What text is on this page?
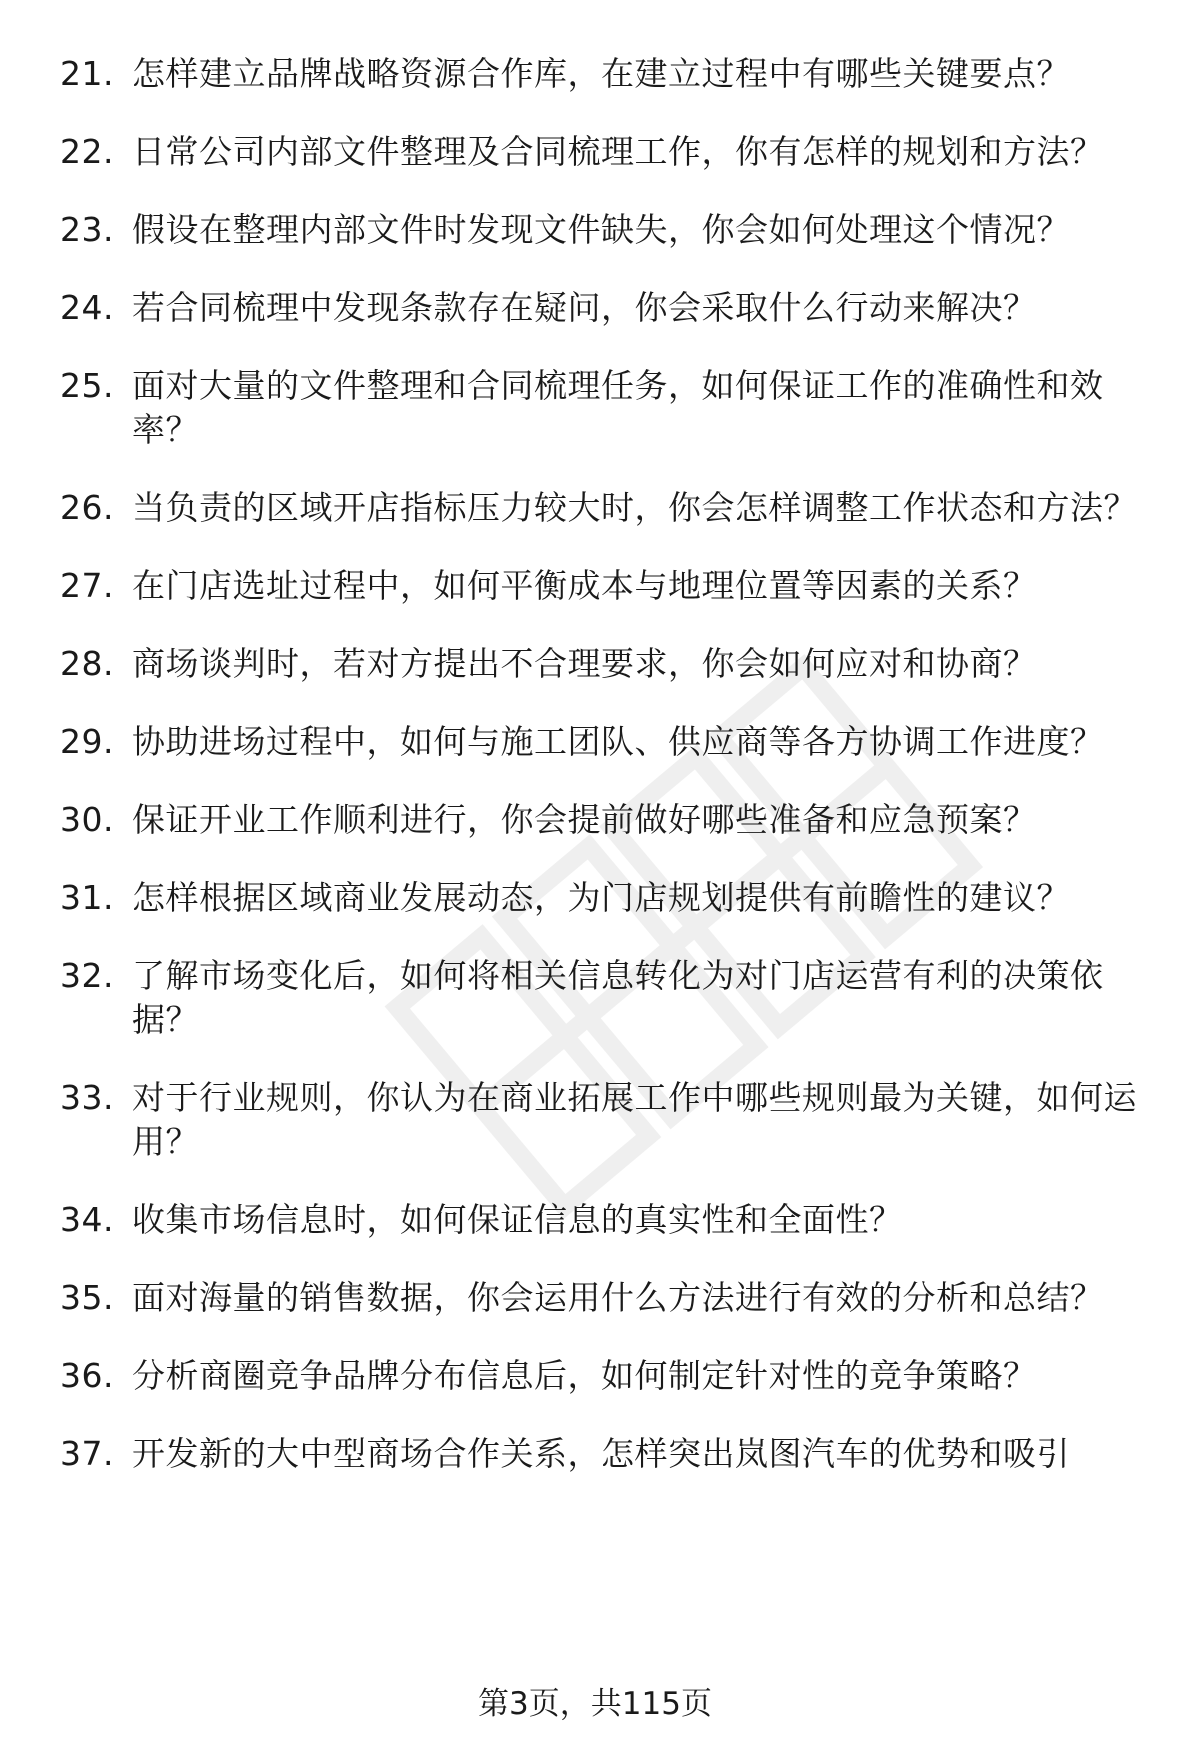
21. 怎样建立品牌战略资源合作库，在建立过程中有哪些关键要点？
22. 日常公司内部文件整理及合同梳理工作，你有怎样的规划和方法？
23. 假设在整理内部文件时发现文件缺失，你会如何处理这个情况？
24. 若合同梳理中发现条款存在疑问，你会采取什么行动来解决？
25. 面对大量的文件整理和合同梳理任务，如何保证工作的准确性和效率？
26. 当负责的区域开店指标压力较大时，你会怎样调整工作状态和方法？
27. 在门店选址过程中，如何平衡成本与地理位置等因素的关系？
28. 商场谈判时，若对方提出不合理要求，你会如何应对和协商？
29. 协助进场过程中，如何与施工团队、供应商等各方协调工作进度？
30. 保证开业工作顺利进行，你会提前做好哪些准备和应急预案？
31. 怎样根据区域商业发展动态，为门店规划提供有前瞻性的建议？
32. 了解市场变化后，如何将相关信息转化为对门店运营有利的决策依据？
33. 对于行业规则，你认为在商业拓展工作中哪些规则最为关键，如何运用？
34. 收集市场信息时，如何保证信息的真实性和全面性？
35. 面对海量的销售数据，你会运用什么方法进行有效的分析和总结？
36. 分析商圈竞争品牌分布信息后，如何制定针对性的竞争策略？
37. 开发新的大中型商场合作关系，怎样突出岚图汽车的优势和吸引
第3页，共115页
